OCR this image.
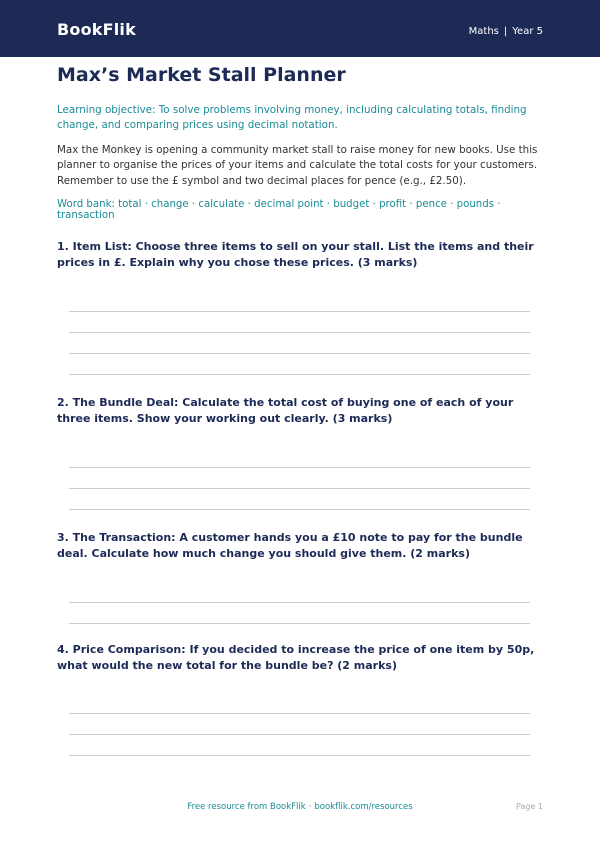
BookFlik	Maths | Year 5
Max’s Market Stall Planner

Learning objective: To solve problems involving money, including calculating totals, finding change, and comparing prices using decimal notation.

Max the Monkey is opening a community market stall to raise money for new books. Use this planner to organise the prices of your items and calculate the total costs for your customers. Remember to use the £ symbol and two decimal places for pence (e.g., £2.50).

Word bank: total · change · calculate · decimal point · budget · profit · pence · pounds · transaction

1. Item List: Choose three items to sell on your stall. List the items and their prices in £. Explain why you chose these prices. (3 marks)

2. The Bundle Deal: Calculate the total cost of buying one of each of your three items. Show your working out clearly. (3 marks)

3. The Transaction: A customer hands you a £10 note to pay for the bundle deal. Calculate how much change you should give them. (2 marks)

4. Price Comparison: If you decided to increase the price of one item by 50p, what would the new total for the bundle be? (2 marks)

Free resource from BookFlik · bookflik.com/resources	Page 1
